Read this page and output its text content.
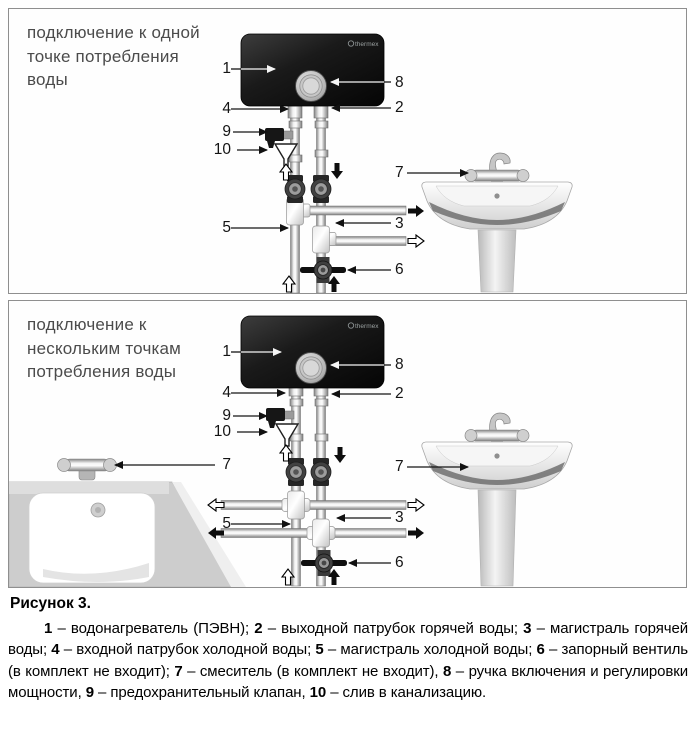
подключение к одной
точке потребления
воды
1
4
9
10
5
8
2
7
3
6
подключение к
нескольким точкам
потребления воды
1
4
9
10
7
5
8
2
7
3
6
Рисунок 3.

1 – водонагреватель (ПЭВН); 2 – выходной патрубок горячей воды; 3 – магистраль горячей воды; 4 – входной патрубок холодной воды; 5 – магистраль холодной воды; 6 – запорный вентиль (в комплект не входит); 7 – смеситель (в комплект не входит), 8 – ручка включения и регулировки мощности, 9 – предохранительный клапан, 10 – слив в канализацию.
